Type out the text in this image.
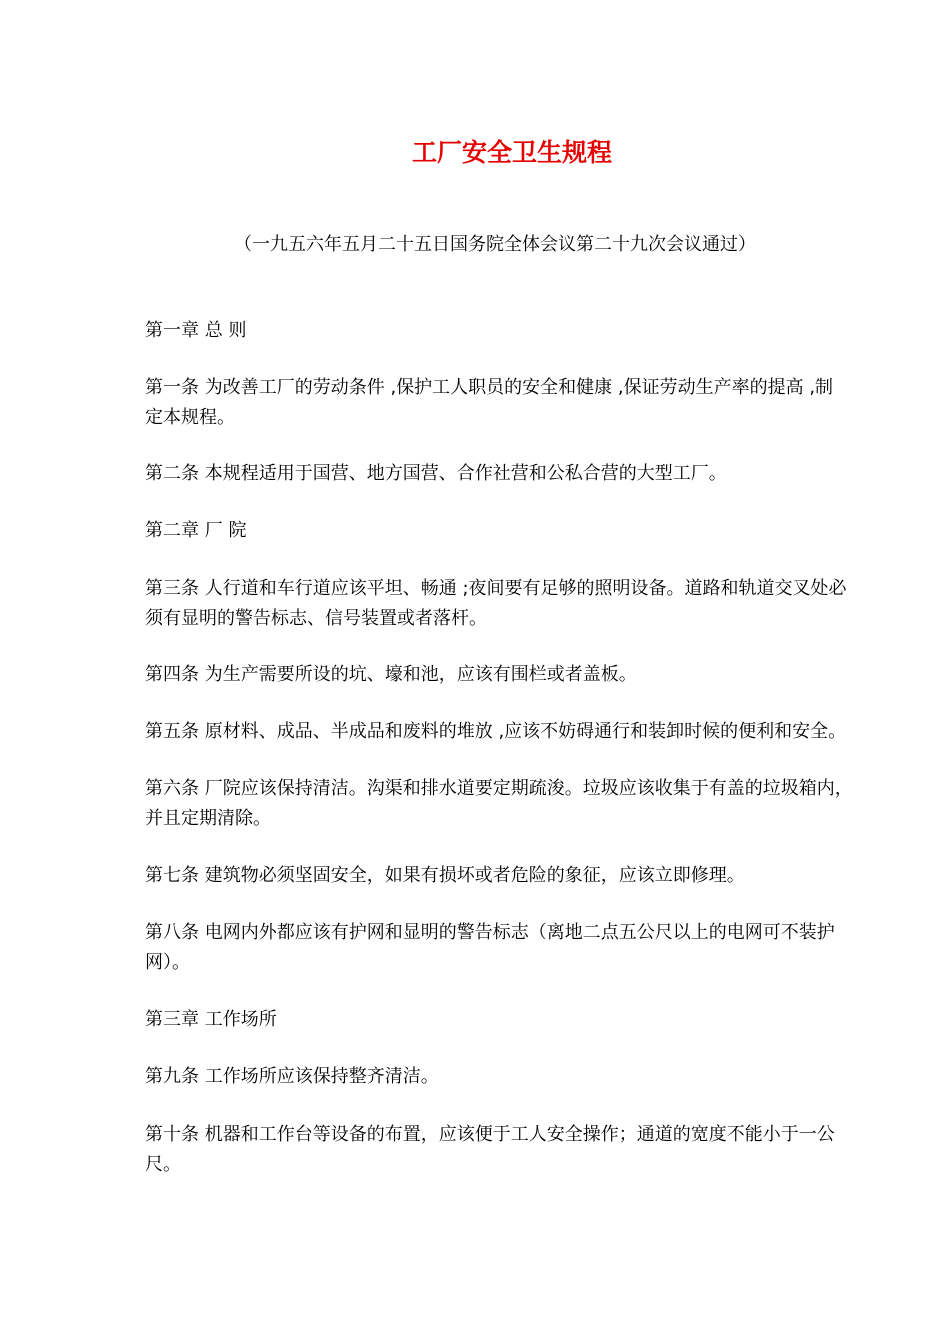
工厂安全卫生规程
（一九五六年五月二十五日国务院全体会议第二十九次会议通过）
第一章 总 则
第一条 为改善工厂的劳动条件 ,保护工人职员的安全和健康 ,保证劳动生产率的提高 ,制
定本规程。
第二条 本规程适用于国营、地方国营、合作社营和公私合营的大型工厂。
第二章 厂 院
第三条 人行道和车行道应该平坦、畅通 ;夜间要有足够的照明设备。道路和轨道交叉处必
须有显明的警告标志、信号装置或者落杆。
第四条 为生产需要所设的坑、壕和池，应该有围栏或者盖板。
第五条 原材料、成品、半成品和废料的堆放 ,应该不妨碍通行和装卸时候的便利和安全。
第六条 厂院应该保持清洁。沟渠和排水道要定期疏浚。垃圾应该收集于有盖的垃圾箱内，
并且定期清除。
第七条 建筑物必须坚固安全，如果有损坏或者危险的象征，应该立即修理。
第八条 电网内外都应该有护网和显明的警告标志（离地二点五公尺以上的电网可不装护
网）。
第三章 工作场所
第九条 工作场所应该保持整齐清洁。
第十条 机器和工作台等设备的布置，应该便于工人安全操作；通道的宽度不能小于一公
尺。
